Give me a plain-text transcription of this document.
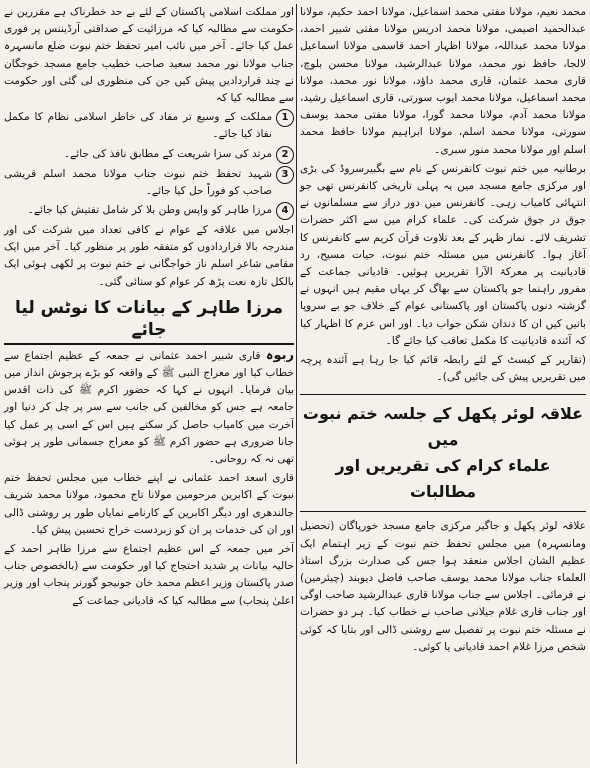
محمد نعیم، مولانا مفتی محمد اسماعیل، مولانا احمد حکیم، مولانا عبدالحمید اصیمی، مولانا محمد ادریس مولانا مفتی شبیر احمد، مولانا محمد عبداللہ، مولانا اظہار احمد قاسمی مولانا اسماعیل لالجا، حافظ نور محمد، مولانا عبدالرشید، مولانا محسن بلوچ، قاری محمد عثمان، قاری محمد داؤد، مولانا نور محمد، مولانا محمد اسماعیل، مولانا محمد ایوب سورتی، قاری اسماعیل رشید، مولانا محمد آدم، مولانا محمد گورا، مولانا مفتی محمد یوسف سورتی، مولانا محمد اسلم، مولانا ابراہیم مولانا حافظ محمد اسلم اور مولانا محمد منور سبری۔

برطانیہ میں ختم نبوت کانفرنس کے نام سے بگبیرسروڈ کی بڑی اور مرکزی جامع مسجد میں یہ پہلی تاریخی کانفرنس تھی جو انتہائی کامیاب رہی۔ کانفرنس میں دور دراز سے مسلمانوں نے جوق در جوق شرکت کی۔ علماء کرام میں سے اکثر حضرات تشریف لائے۔ نماز ظہر کے بعد تلاوت قرآن کریم سے کانفرنس کا آغاز ہوا۔ کانفرنس میں مسئلہ ختم نبوت، حیات مسیح، رد قادیانیت پر معرکۃ الآرا تقریریں ہوئیں۔ قادیانی جماعت کے مفرور راہنما جو پاکستان سے بھاگ کر یہاں مقیم ہیں انہوں نے گزشتہ دنوں پاکستان اور پاکستانی عوام کے خلاف جو بے سروپا باتیں کیں ان کا دندان شکن جواب دیا۔ اور اس عزم کا اظہار کیا کہ آئندہ قادیانیت کا مکمل تعاقب کیا جائے گا۔

(تقاریر کے کیسٹ کے لئے رابطہ قائم کیا جا رہا ہے آئندہ پرچہ میں تقریریں پیش کی جائیں گی)۔

علاقہ لوئر پکھل کے جلسہ ختم نبوت میں
علماء کرام کی تقریریں اور مطالبات

علاقہ لوئر پکھل و جاگیر مرکزی جامع مسجد خورپاگان (تحصیل ومانسہرہ) میں مجلس تحفظ ختم نبوت کے زیر اہتمام ایک عظیم الشان اجلاس منعقد ہوا جس کی صدارت بزرگ استاذ العلماء جناب مولانا محمد یوسف صاحب فاضل دیوبند (چیئرمین) نے فرمائی۔ اجلاس سے جناب مولانا قاری عبدالرشید صاحب اوگی اور جناب قاری غلام جیلانی صاحب نے خطاب کیا۔ ہر دو حضرات نے مسئلہ ختم نبوت پر تفصیل سے روشنی ڈالی اور بتایا کہ کوئی شخص مرزا غلام احمد قادیانی یا کوئی۔

اور مملکت اسلامی پاکستان کے لئے بے حد خطرناک ہے مقررین نے حکومت سے مطالبہ کیا کہ مرزائیت کے صداقتی آرڈیننس پر فوری عمل کیا جائے۔ آخر میں نائب امیر تحفظ ختم نبوت ضلع مانسہرہ جناب مولانا نور محمد سعید صاحب خطیب جامع مسجد خوجگان نے چند قراردادیں پیش کیں جن کی منظوری لی گئی اور حکومت سے مطالبہ کیا کہ

1
مملکت کے وسیع تر مفاد کی خاطر اسلامی نظام کا مکمل نفاذ کیا جائے۔
2
مرتد کی سزا شریعت کے مطابق نافذ کی جائے۔
3
شہید تحفظ ختم نبوت جناب مولانا محمد اسلم قریشی صاحب کو فوراً حل کیا جائے۔
4
مرزا طاہر کو واپس وطن بلا کر شامل تفتیش کیا جائے۔

اجلاس میں علاقہ کے عوام نے کافی تعداد میں شرکت کی اور مندرجہ بالا قراردادوں کو متفقہ طور پر منظور کیا۔ آخر میں ایک مقامی شاعر اسلم ناز خواجگانی نے ختم نبوت پر لکھی ہوئی ایک بالکل تازہ نعت پڑھ کر عوام کو سنائی گئی۔

مرزا طاہر کے بیانات کا نوٹس لیا جائے

ربوہ قاری شبیر احمد عثمانی نے جمعہ کے عظیم اجتماع سے خطاب کیا اور معراج النبی ﷺ کے واقعہ کو بڑے پرجوش انداز میں بیان فرمایا۔ انہوں نے کہا کہ حضور اکرم ﷺ کی ذات اقدس جامعہ ہے جس کو مخالفین کی جانب سے سر پر چل کر دنیا اور آخرت میں کامیاب حاصل کر سکتے ہیں اس کے اسی پر عمل کیا جانا ضروری ہے حضور اکرم ﷺ کو معراج جسمانی طور پر ہوئی تھی نہ کہ روحانی۔

قاری اسعد احمد عثمانی نے اپنے خطاب میں مجلس تحفظ ختم نبوت کے اکابرین مرحومین مولانا تاج محمود، مولانا محمد شریف جالندھری اور دیگر اکابرین کے کارنامے نمایاں طور پر روشنی ڈالی اور ان کی خدمات پر ان کو زبردست خراج تحسین پیش کیا۔

آخر میں جمعہ کے اس عظیم اجتماع سے مرزا طاہر احمد کے حالیہ بیانات پر شدید احتجاج کیا اور حکومت سے (بالخصوص جناب صدر پاکستان وزیر اعظم محمد خان جونیجو گورنر پنجاب اور وزیر اعلیٰ پنجاب) سے مطالبہ کیا کہ قادیانی جماعت کے
